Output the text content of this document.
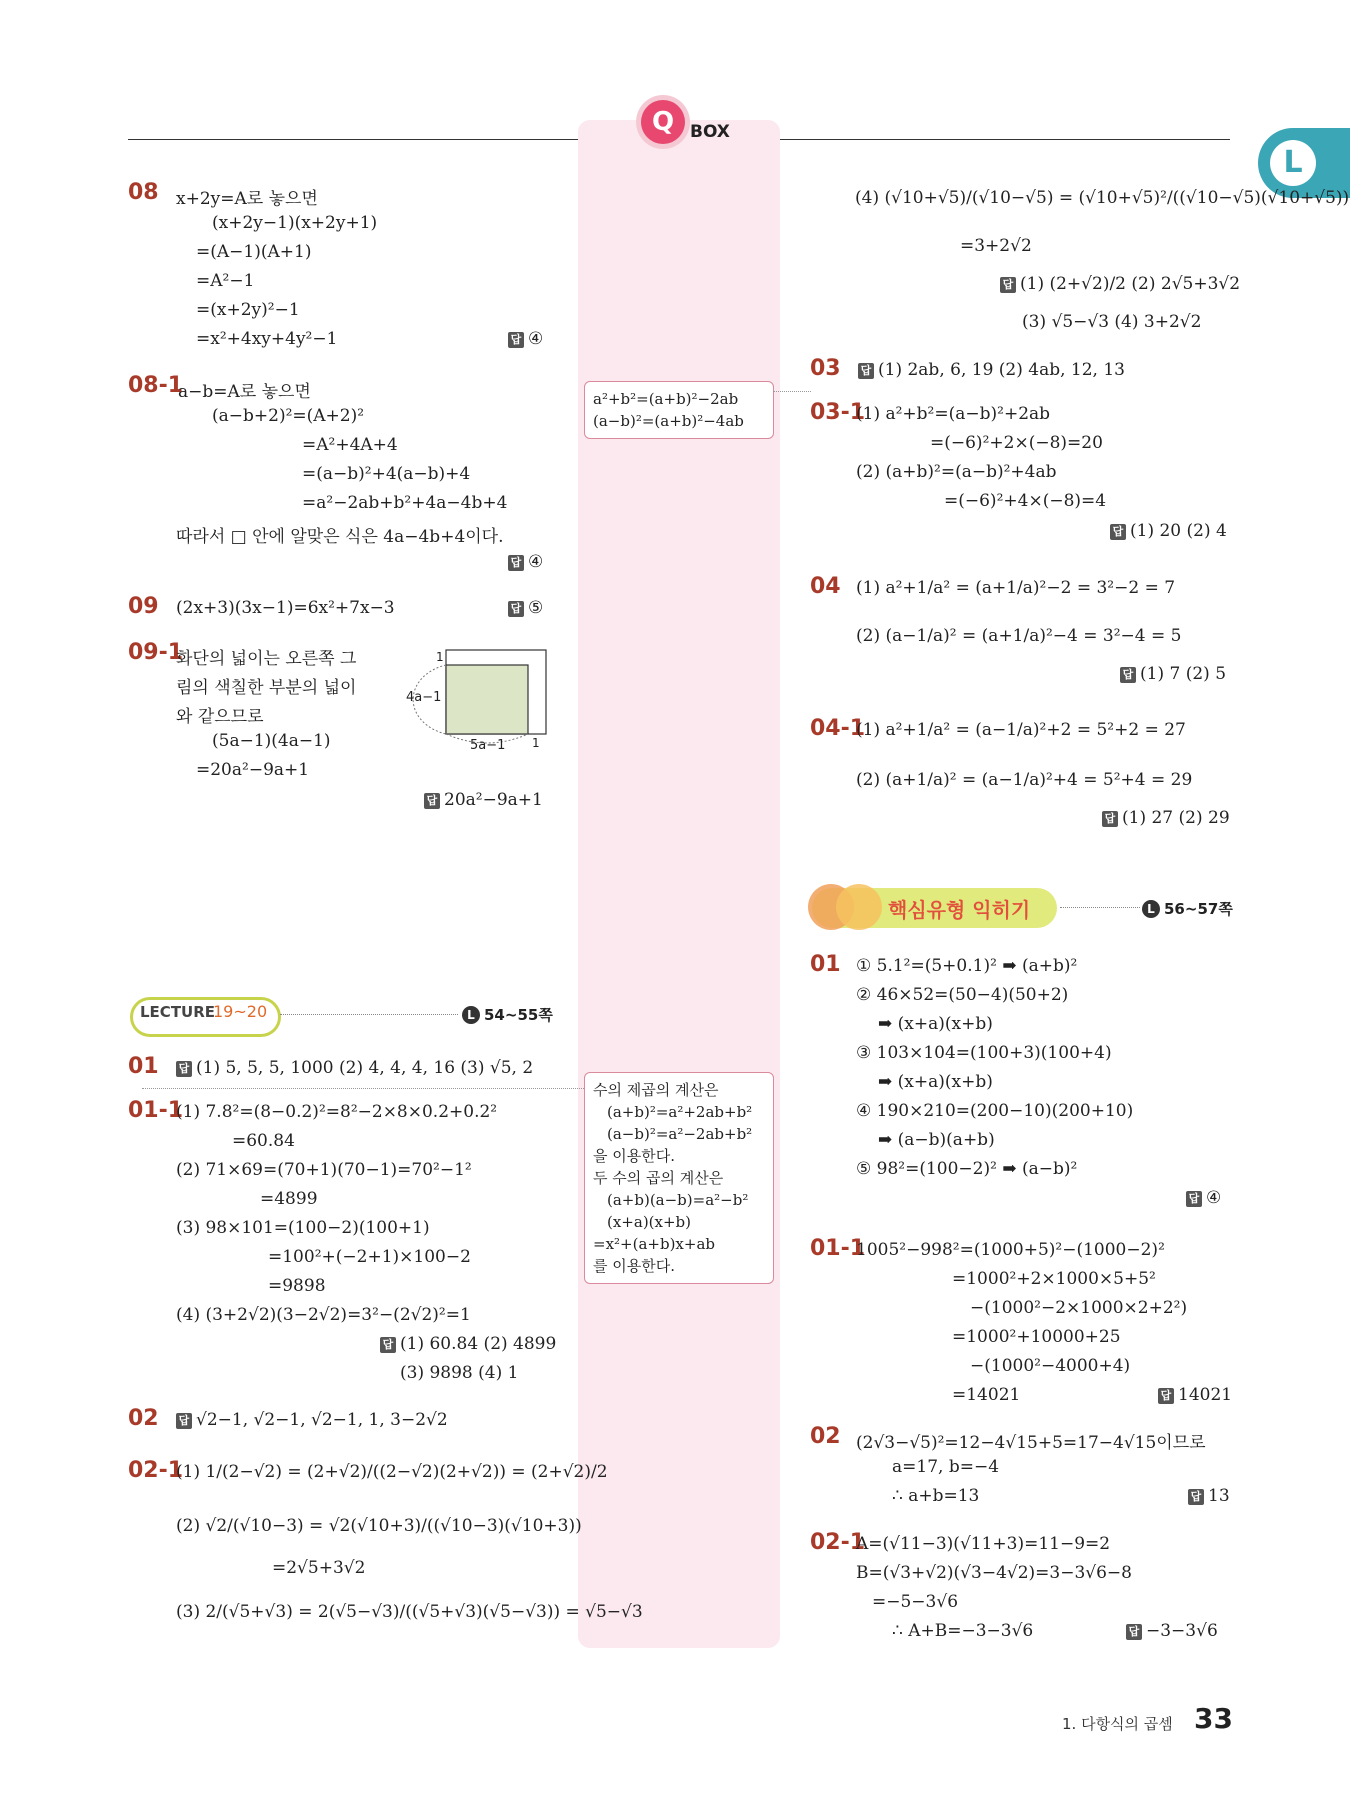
Q BOX
L
08 x+2y=A로 놓으면
(x+2y−1)(x+2y+1)
=(A−1)(A+1)
=A²−1
=(x+2y)²−1
=x²+4xy+4y²−1	답 ④
08-1
a−b=A로 놓으면
(a−b+2)²=(A+2)²
=A²+4A+4
=(a−b)²+4(a−b)+4
=a²−2ab+b²+4a−4b+4
따라서 □ 안에 알맞은 식은 4a−4b+4이다.
답 ④
09 (2x+3)(3x−1)=6x²+7x−3	답 ⑤
09-1
화단의 넓이는 오른쪽 그
림의 색칠한 부분의 넓이
와 같으므로
(5a−1)(4a−1)
=20a²−9a+1
답 20a²−9a+1
4a−1
1
5a−1 1
LECTURE
19~20	L 54~55쪽
01 답 (1) 5, 5, 5, 1000 (2) 4, 4, 4, 16 (3) √5, 2
01-1
(1) 7.8²=(8−0.2)²=8²−2×8×0.2+0.2²
=60.84
(2) 71×69=(70+1)(70−1)=70²−1²
=4899
(3) 98×101=(100−2)(100+1)
=100²+(−2+1)×100−2
=9898
(4) (3+2√2)(3−2√2)=3²−(2√2)²=1
답 (1) 60.84 (2) 4899
(3) 9898 (4) 1
02 답 √2−1, √2−1, √2−1, 1, 3−2√2
02-1
(1) 1/(2−√2) = (2+√2)/((2−√2)(2+√2)) = (2+√2)/2
(2) √2/(√10−3) = √2(√10+3)/((√10−3)(√10+3))
=2√5+3√2
(3) 2/(√5+√3) = 2(√5−√3)/((√5+√3)(√5−√3)) = √5−√3
a²+b²=(a+b)²−2ab
(a−b)²=(a+b)²−4ab
수의 제곱의 계산은
(a+b)²=a²+2ab+b²
(a−b)²=a²−2ab+b²
을 이용한다.
두 수의 곱의 계산은
(a+b)(a−b)=a²−b²
(x+a)(x+b)
=x²+(a+b)x+ab
를 이용한다.
(4) (√10+√5)/(√10−√5) = (√10+√5)²/((√10−√5)(√10+√5))
=3+2√2
답 (1) (2+√2)/2 (2) 2√5+3√2
(3) √5−√3 (4) 3+2√2
03 답 (1) 2ab, 6, 19 (2) 4ab, 12, 13
03-1
(1) a²+b²=(a−b)²+2ab
=(−6)²+2×(−8)=20
(2) (a+b)²=(a−b)²+4ab
=(−6)²+4×(−8)=4
답 (1) 20 (2) 4
04 (1) a²+1/a² = (a+1/a)²−2 = 3²−2 = 7
(2) (a−1/a)² = (a+1/a)²−4 = 3²−4 = 5
답 (1) 7 (2) 5
04-1
(1) a²+1/a² = (a−1/a)²+2 = 5²+2 = 27
(2) (a+1/a)² = (a−1/a)²+4 = 5²+4 = 29
답 (1) 27 (2) 29
핵심유형 익히기	L 56~57쪽
01 ① 5.1²=(5+0.1)² ➡ (a+b)²
② 46×52=(50−4)(50+2)
➡ (x+a)(x+b)
③ 103×104=(100+3)(100+4)
➡ (x+a)(x+b)
④ 190×210=(200−10)(200+10)
➡ (a−b)(a+b)
⑤ 98²=(100−2)² ➡ (a−b)²
답 ④
01-1
1005²−998²=(1000+5)²−(1000−2)²
=1000²+2×1000×5+5²
−(1000²−2×1000×2+2²)
=1000²+10000+25
−(1000²−4000+4)
=14021	답 14021
02 (2√3−√5)²=12−4√15+5=17−4√15이므로
a=17, b=−4
∴ a+b=13	답 13
02-1
A=(√11−3)(√11+3)=11−9=2
B=(√3+√2)(√3−4√2)=3−3√6−8
=−5−3√6
∴ A+B=−3−3√6	답 −3−3√6
1. 다항식의 곱셈 33
